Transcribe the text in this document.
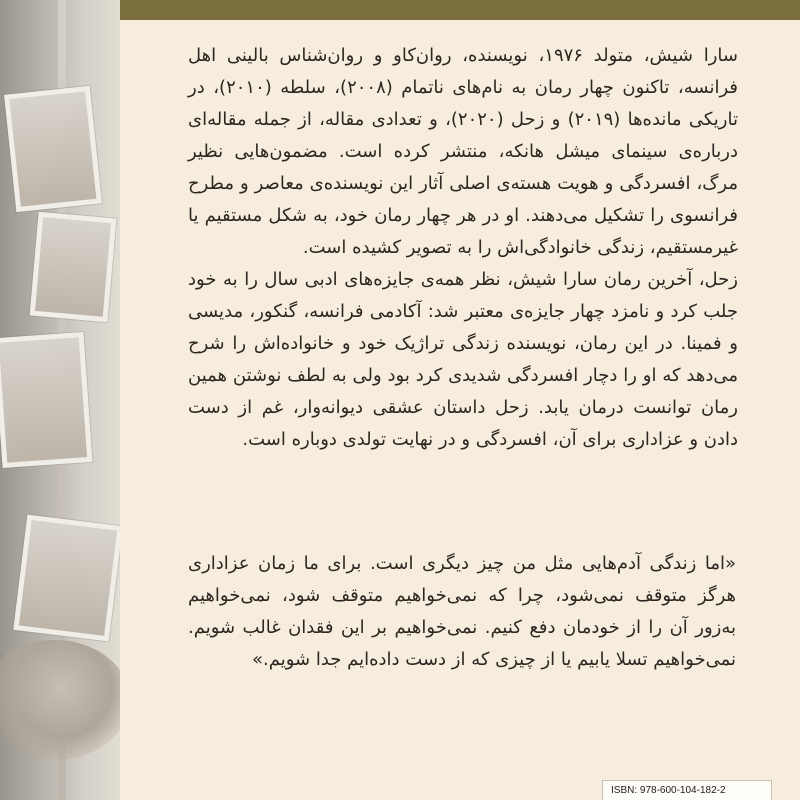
سارا شیش، متولد ۱۹۷۶، نویسنده، روان‌کاو و روان‌شناس بالینی اهل فرانسه، تاکنون چهار رمان به نام‌های ناتمام (۲۰۰۸)، سلطه (۲۰۱۰)، در تاریکی مانده‌ها (۲۰۱۹) و زحل (۲۰۲۰)، و تعدادی مقاله، از جمله مقاله‌ای درباره‌ی سینمای میشل هانکه، منتشر کرده است. مضمون‌هایی نظیر مرگ، افسردگی و هویت هسته‌ی اصلی آثار این نویسنده‌ی معاصر و مطرح فرانسوی را تشکیل می‌دهند. او در هر چهار رمان خود، به شکل مستقیم یا غیرمستقیم، زندگی خانوادگی‌اش را به تصویر کشیده است.

زحل، آخرین رمان سارا شیش، نظر همه‌ی جایزه‌های ادبی سال را به خود جلب کرد و نامزد چهار جایزه‌ی معتبر شد: آکادمی فرانسه، گنکور، مدیسی و فمینا. در این رمان، نویسنده زندگی تراژیک خود و خانواده‌اش را شرح می‌دهد که او را دچار افسردگی شدیدی کرد بود ولی به لطف نوشتن همین رمان توانست درمان یابد. زحل داستان عشقی دیوانه‌وار، غم از دست دادن و عزاداری برای آن، افسردگی و در نهایت تولدی دوباره است.

«اما زندگی آدم‌هایی مثل من چیز دیگری است. برای ما زمان عزاداری هرگز متوقف نمی‌شود، چرا که نمی‌خواهیم متوقف شود، نمی‌خواهیم به‌زور آن را از خودمان دفع کنیم. نمی‌خواهیم بر این فقدان غالب شویم. نمی‌خواهیم تسلا یابیم یا از چیزی که از دست داده‌ایم جدا شویم.»
ISBN: 978-600-104-182-2
